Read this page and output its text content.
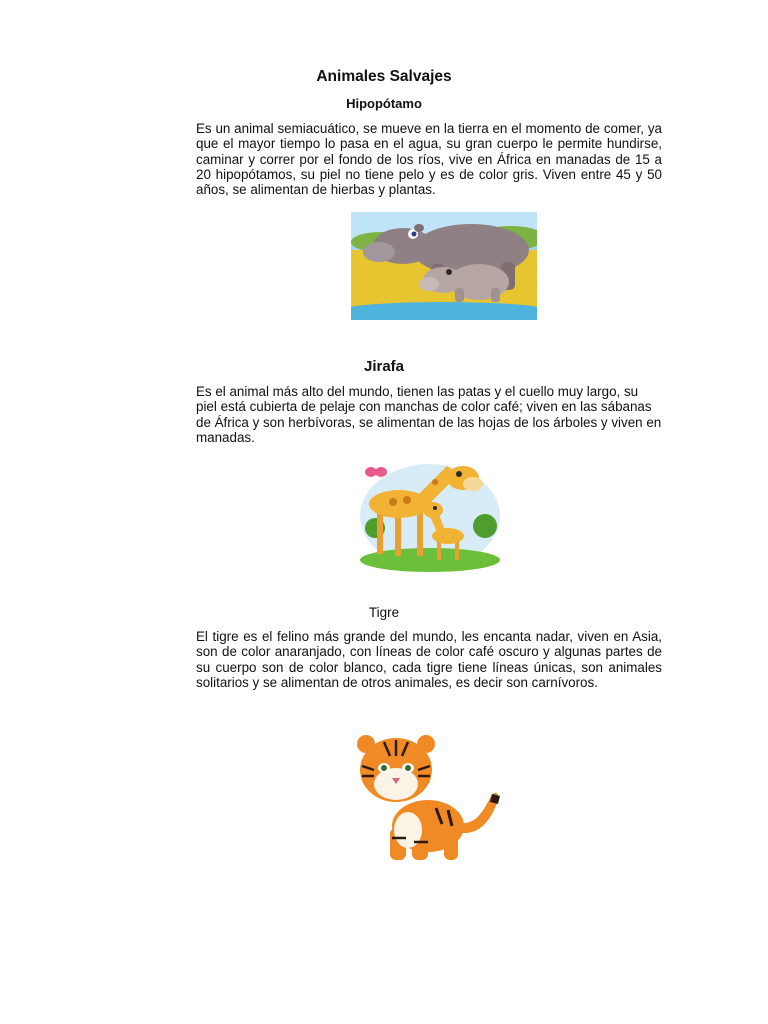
Animales Salvajes
Hipopótamo

Es un animal semiacuático, se mueve en la tierra en el momento de comer, ya que el mayor tiempo lo pasa en el agua, su gran cuerpo le permite hundirse, caminar y correr por el fondo de los ríos, vive en África en manadas de 15 a 20 hipopótamos, su piel no tiene pelo y es de color gris. Viven entre 45 y 50 años, se alimentan de hierbas y plantas.

Jirafa

Es el animal más alto del mundo, tienen las patas y el cuello muy largo, su piel está cubierta de pelaje con manchas de color café; viven en las sábanas de África y son herbívoras, se alimentan de las hojas de los árboles y viven en manadas.

Tigre

El tigre es el felino más grande del mundo, les encanta nadar, viven en Asia, son de color anaranjado, con líneas de color café oscuro y algunas partes de su cuerpo son de color blanco, cada tigre tiene líneas únicas, son animales solitarios y se alimentan de otros animales, es decir son carnívoros.
